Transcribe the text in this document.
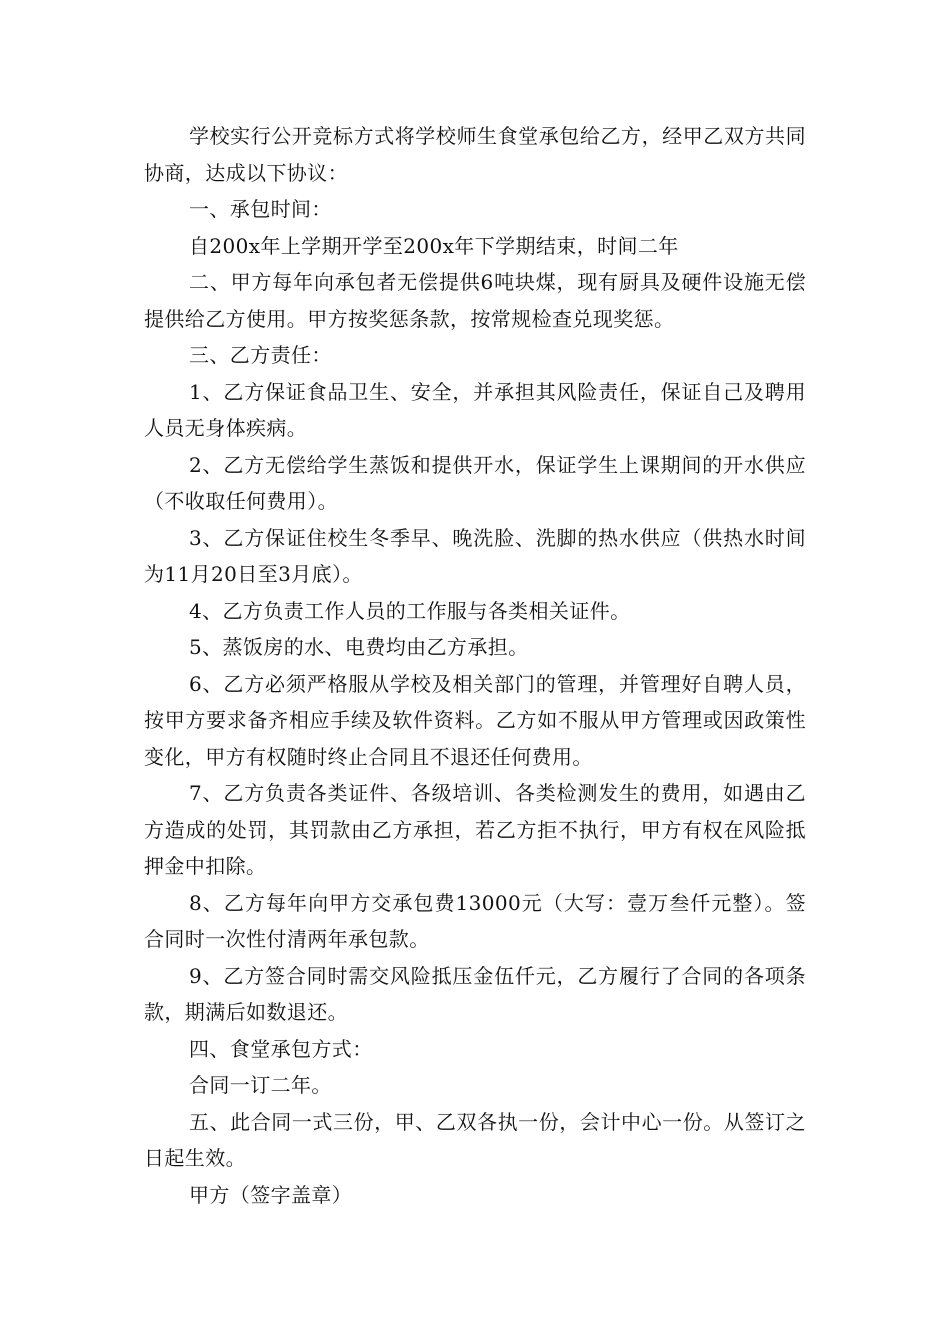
学校实行公开竞标方式将学校师生食堂承包给乙方，经甲乙双方共同协商，达成以下协议：

一、承包时间：

自200x年上学期开学至200x年下学期结束，时间二年

二、甲方每年向承包者无偿提供6吨块煤，现有厨具及硬件设施无偿提供给乙方使用。甲方按奖惩条款，按常规检查兑现奖惩。

三、乙方责任：

1、乙方保证食品卫生、安全，并承担其风险责任，保证自己及聘用人员无身体疾病。

2、乙方无偿给学生蒸饭和提供开水，保证学生上课期间的开水供应（不收取任何费用）。

3、乙方保证住校生冬季早、晚洗脸、洗脚的热水供应（供热水时间为11月20日至3月底）。

4、乙方负责工作人员的工作服与各类相关证件。

5、蒸饭房的水、电费均由乙方承担。

6、乙方必须严格服从学校及相关部门的管理，并管理好自聘人员，按甲方要求备齐相应手续及软件资料。乙方如不服从甲方管理或因政策性变化，甲方有权随时终止合同且不退还任何费用。

7、乙方负责各类证件、各级培训、各类检测发生的费用，如遇由乙方造成的处罚，其罚款由乙方承担，若乙方拒不执行，甲方有权在风险抵押金中扣除。

8、乙方每年向甲方交承包费13000元（大写：壹万叁仟元整）。签合同时一次性付清两年承包款。

9、乙方签合同时需交风险抵压金伍仟元，乙方履行了合同的各项条款，期满后如数退还。

四、食堂承包方式：

合同一订二年。

五、此合同一式三份，甲、乙双各执一份，会计中心一份。从签订之日起生效。

甲方（签字盖章）
